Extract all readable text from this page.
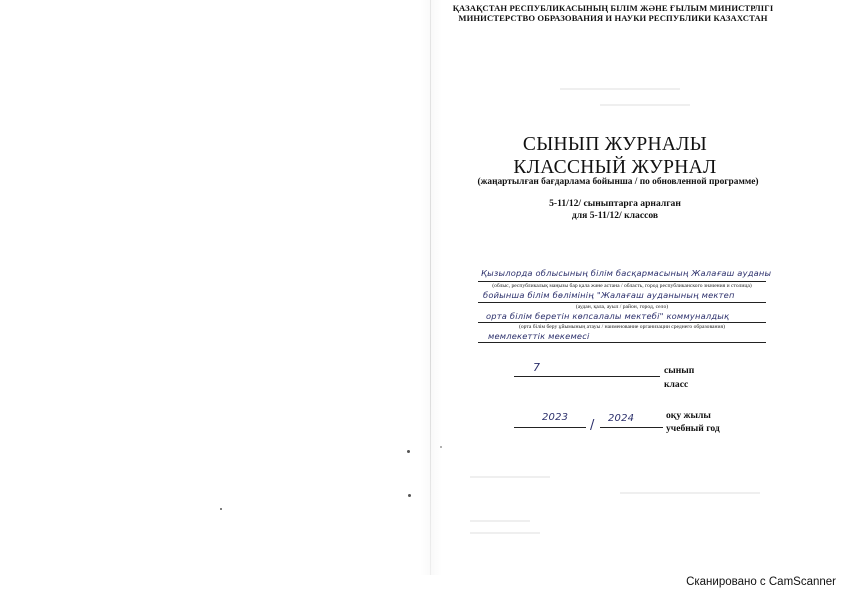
ҚАЗАҚСТАН РЕСПУБЛИКАСЫНЫҢ БІЛІМ ЖӘНЕ ҒЫЛЫМ МИНИСТРЛІГІ
МИНИСТЕРСТВО ОБРАЗОВАНИЯ И НАУКИ РЕСПУБЛИКИ КАЗАХСТАН
СЫНЫП ЖУРНАЛЫ
КЛАССНЫЙ ЖУРНАЛ
(жаңартылған бағдарлама бойынша / по обновленной программе)
5-11/12/ сыныптарга арналган
для 5-11/12/ классов
Қызылорда облысының білім басқармасының Жалағаш ауданы
(облыс, республикалық маңызы бар қала және астана / область, город республиканского значения и столица)
бойынша білім бөлімінің "Жалағаш ауданының мектеп
(аудан, қала, ауыл / район, город, село)
орта білім беретін көпсалалы мектебі" коммуналдық
(орта білім беру ұйымының атауы / наименование организации среднего образования)
мемлекеттік мекемесі
7	сынып
класс
2023
/ 2024	оқу жылы
учебный год
Сканировано с CamScanner
